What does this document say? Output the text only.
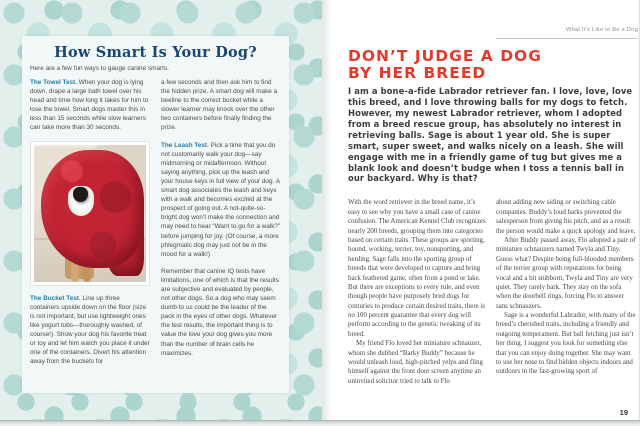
How Smart Is Your Dog?

Here are a few fun ways to gauge canine smarts.

The Towel Test. When your dog is lying down, drape a large bath towel over his head and time how long it takes for him to lose the towel. Smart dogs master this in less than 15 seconds while slow learners can take more than 30 seconds.

The Bucket Test. Line up three containers upside down on the floor (size is not important, but use lightweight ones like yogurt tubs—thoroughly washed, of course!). Show your dog his favorite treat or toy and let him watch you place it under one of the containers. Divert his attention away from the buckets for

a few seconds and then ask him to find the hidden prize. A smart dog will make a beeline to the correct bucket while a slower learner may knock over the other two containers before finally finding the prize.

The Leash Test. Pick a time that you do not customarily walk your dog—say midmorning or midafternoon. Without saying anything, pick up the leash and your house keys in full view of your dog. A smart dog associates the leash and keys with a walk and becomes excited at the prospect of going out. A not-quite-so-bright dog won’t make the connection and may need to hear “Want to go for a walk?” before jumping for joy. (Of course, a more phlegmatic dog may just not be in the mood for a walk!)

Remember that canine IQ tests have limitations, one of which is that the results are subjective and evaluated by people, not other dogs. So a dog who may seem dumb to us could be the leader of the pack in the eyes of other dogs. Whatever the test results, the important thing is to value the love your dog gives you more than the number of brain cells he maximizes.

What It’s Like to Be a Dog
DON’T JUDGE A DOG
BY HER BREED

I am a bone-a-fide Labrador retriever fan. I love, love, love this breed, and I love throwing balls for my dogs to fetch. However, my newest Labrador retriever, whom I adopted from a breed rescue group, has absolutely no interest in retrieving balls. Sage is about 1 year old. She is super smart, super sweet, and walks nicely on a leash. She will engage with me in a friendly game of tug but gives me a blank look and doesn’t budge when I toss a tennis ball in our backyard. Why is that?

With the word retriever in the breed name, it’s easy to see why you have a small case of canine confusion. The American Kennel Club recognizes nearly 200 breeds, grouping them into categories based on certain traits. These groups are sporting, hound, working, terrier, toy, nonsporting, and herding. Sage falls into the sporting group of breeds that were developed to capture and bring back feathered game, often from a pond or lake. But there are exceptions to every rule, and even though people have purposely bred dogs for centuries to produce certain desired traits, there is no 100 percent guarantee that every dog will perform according to the genetic tweaking of its breed.

My friend Flo loved her miniature schnauzer, whom she dubbed “Barky Buddy” because he would unleash loud, high-pitched yelps and fling himself against the front door screen anytime an uninvited solicitor tried to talk to Flo

about adding new siding or switching cable companies. Buddy’s loud barks prevented the salesperson from giving his pitch, and as a result the person would make a quick apology and leave.

After Buddy passed away, Flo adopted a pair of miniature schnauzers named Twyla and Tiny. Guess what? Despite being full-blooded members of the terrier group with reputations for being vocal and a bit stubborn, Twyla and Tiny are very quiet. They rarely bark. They stay on the sofa when the doorbell rings, forcing Flo to answer sans schnauzers.

Sage is a wonderful Labrador, with many of the breed’s cherished traits, including a friendly and outgoing temperament. But ball fetching just isn’t her thing. I suggest you look for something else that you can enjoy doing together. She may want to use her nose to find hidden objects indoors and outdoors in the fast-growing sport of

19
